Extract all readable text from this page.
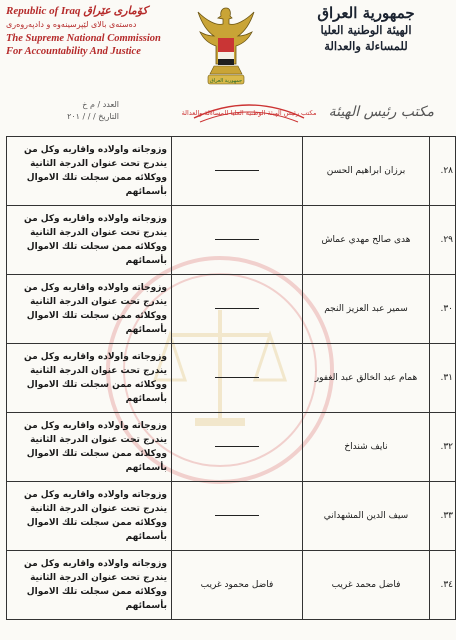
Republic of Iraq کۆماری عێراق
دەستەی بالای لێپرسینەوە و دادپەروەری
The Supreme National Commission
For Accountability And Justice
جمهورية العراق
جمهورية العراق
الهيئة الوطنية العليا
للمساءلة والعدالة
العدد / م خ
التاريخ / / / ٢٠١	مكتب رئيس الهيئة الوطنية العليا للمساءلة والعدالة مكتب رئيس الهيئة
٢٨.	برزان ابراهيم الحسن		وزوجاته واولاده واقاربه وكل من يندرج تحت عنوان الدرجة الثانية ووكلائه ممن سجلت تلك الاموال بأسمائهم
٢٩.	هدى صالح مهدي عماش		وزوجاته واولاده واقاربه وكل من يندرج تحت عنوان الدرجة الثانية ووكلائه ممن سجلت تلك الاموال بأسمائهم
٣٠.	سمير عبد العزيز النجم		وزوجاته واولاده واقاربه وكل من يندرج تحت عنوان الدرجة الثانية ووكلائه ممن سجلت تلك الاموال بأسمائهم
٣١.	همام عبد الخالق عبد الغفور		وزوجاته واولاده واقاربه وكل من يندرج تحت عنوان الدرجة الثانية ووكلائه ممن سجلت تلك الاموال بأسمائهم
٣٢.	نايف شنداخ		وزوجاته واولاده واقاربه وكل من يندرج تحت عنوان الدرجة الثانية ووكلائه ممن سجلت تلك الاموال بأسمائهم
٣٣.	سيف الدين المشهداني		وزوجاته واولاده واقاربه وكل من يندرج تحت عنوان الدرجة الثانية ووكلائه ممن سجلت تلك الاموال بأسمائهم
٣٤.	فاضل محمد غريب	فاضل محمود غريب	وزوجاته واولاده واقاربه وكل من يندرج تحت عنوان الدرجة الثانية ووكلائه ممن سجلت تلك الاموال بأسمائهم
